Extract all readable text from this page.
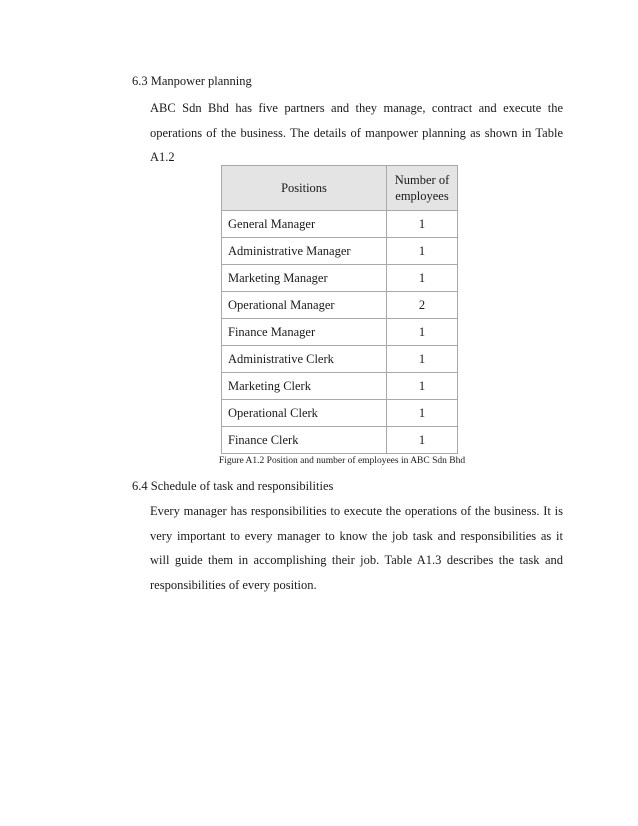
6.3 Manpower planning
ABC Sdn Bhd has five partners and they manage, contract and execute the
operations of the business. The details of manpower planning as shown in Table
A1.2
Positions	Number of employees
General Manager	1
Administrative Manager	1
Marketing Manager	1
Operational Manager	2
Finance Manager	1
Administrative Clerk	1
Marketing Clerk	1
Operational Clerk	1
Finance Clerk	1
Figure A1.2 Position and number of employees in ABC Sdn Bhd
6.4 Schedule of task and responsibilities
Every manager has responsibilities to execute the operations of the business. It is
very important to every manager to know the job task and responsibilities as it
will guide them in accomplishing their job. Table A1.3 describes the task and
responsibilities of every position.
